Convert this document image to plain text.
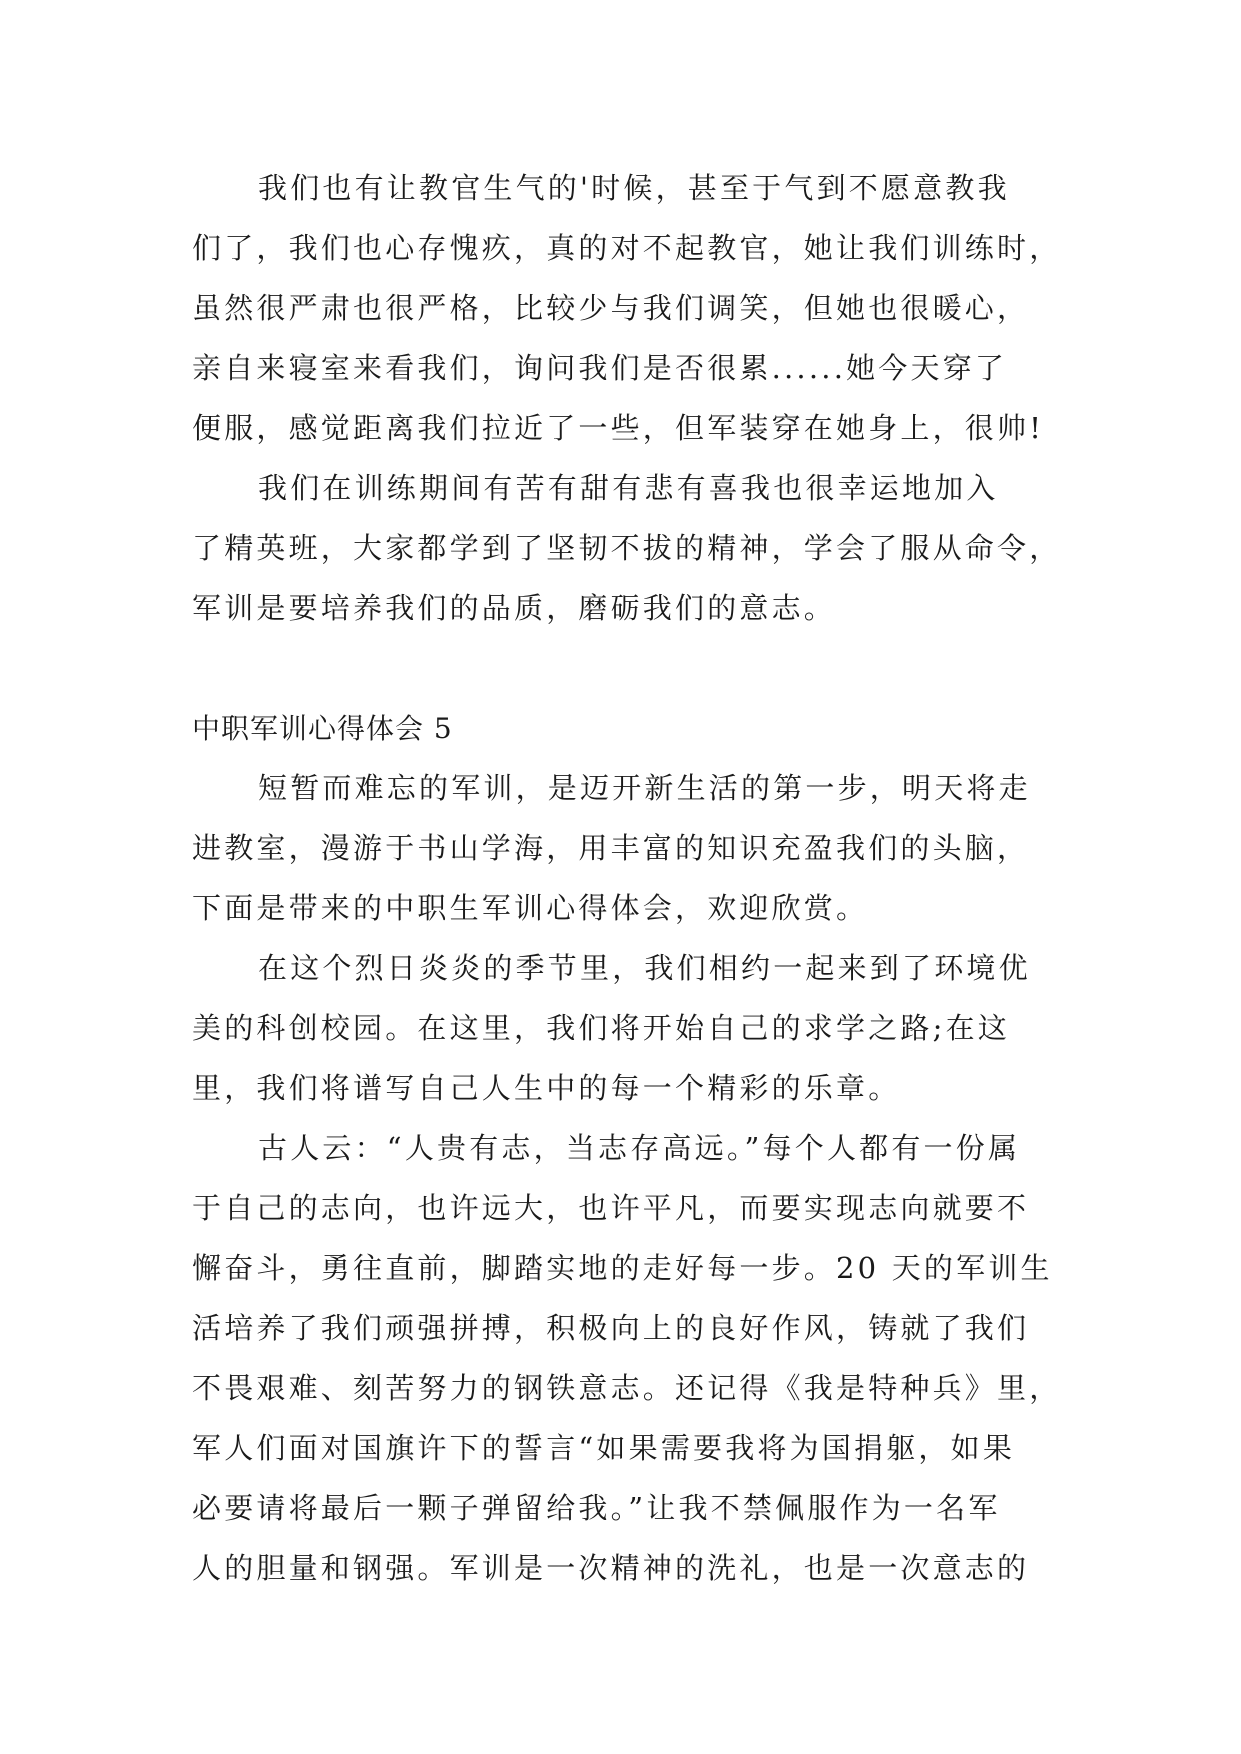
我们也有让教官生气的'时候，甚至于气到不愿意教我
们了，我们也心存愧疚，真的对不起教官，她让我们训练时，
虽然很严肃也很严格，比较少与我们调笑，但她也很暖心，
亲自来寝室来看我们，询问我们是否很累......她今天穿了
便服，感觉距离我们拉近了一些，但军装穿在她身上，很帅!
我们在训练期间有苦有甜有悲有喜我也很幸运地加入
了精英班，大家都学到了坚韧不拔的精神，学会了服从命令，
军训是要培养我们的品质，磨砺我们的意志。
中职军训心得体会 5
短暂而难忘的军训，是迈开新生活的第一步，明天将走
进教室，漫游于书山学海，用丰富的知识充盈我们的头脑，
下面是带来的中职生军训心得体会，欢迎欣赏。
在这个烈日炎炎的季节里，我们相约一起来到了环境优
美的科创校园。在这里，我们将开始自己的求学之路;在这
里，我们将谱写自己人生中的每一个精彩的乐章。
古人云：“人贵有志，当志存高远。”每个人都有一份属
于自己的志向，也许远大，也许平凡，而要实现志向就要不
懈奋斗，勇往直前，脚踏实地的走好每一步。20 天的军训生
活培养了我们顽强拼搏，积极向上的良好作风，铸就了我们
不畏艰难、刻苦努力的钢铁意志。还记得《我是特种兵》里，
军人们面对国旗许下的誓言“如果需要我将为国捐躯，如果
必要请将最后一颗子弹留给我。”让我不禁佩服作为一名军
人的胆量和钢强。军训是一次精神的洗礼，也是一次意志的
